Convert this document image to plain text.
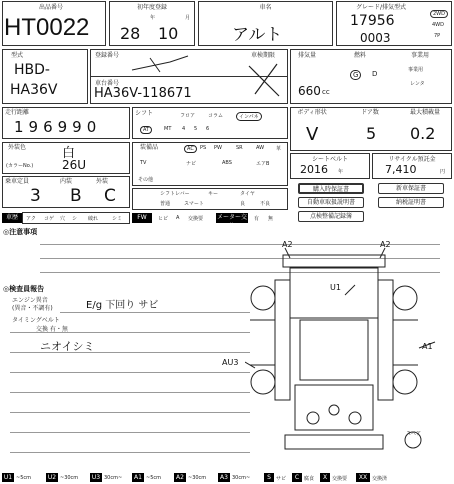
出品番号
HT0022
初年度登録
年	月
28 10
車名
アルト
グレード/排気型式
17956
0003
2WD
4WD
7P
型式
HBD-
HA36V
登録番号
車台番号
HA36V-118671
車検期限	排気量	燃料	事業用
660 cc
G	D	事業用
レンタ
走行距離
196990
シフト	フロア	コラム	インパネ
AT	MT 4 5 6
ボディ形状	ドア数	最大積載量
V	5 0.2
外装色	白
(カラーNo.) 26U
装備品	AC	PS PW	SR	AW 革
TV	ナビ	ABS	エアB
その他
シートベルト
2016 年
リサイクル預託金
7,410	円
購入時保証書	新車保証書
自動車取扱説明書	納税証明書
点検整備記録簿
乗車定員	内装	外装
3 B C	シフトレバー	キー
普通	スマート
タイヤ
良	不良
車歴	アク コゲ 穴 シ 破れ	シミ	FW	ヒビ A 交換要 メーター交換
有 無
◎注意事項
◎検査員報告
エンジン異音
(異音・不調有)	E/g 下回り サビ
タイミングベルト
交換 有・無
ニオイシミ
A2	A2
U1
AU3
A1
スペア
U1 ~5cm	U2 ~30cm	U3 30cm~	A1 ~5cm	A2 ~30cm	A3 30cm~	S	サビ	C 腐食	X 交換要	XX 交換済
